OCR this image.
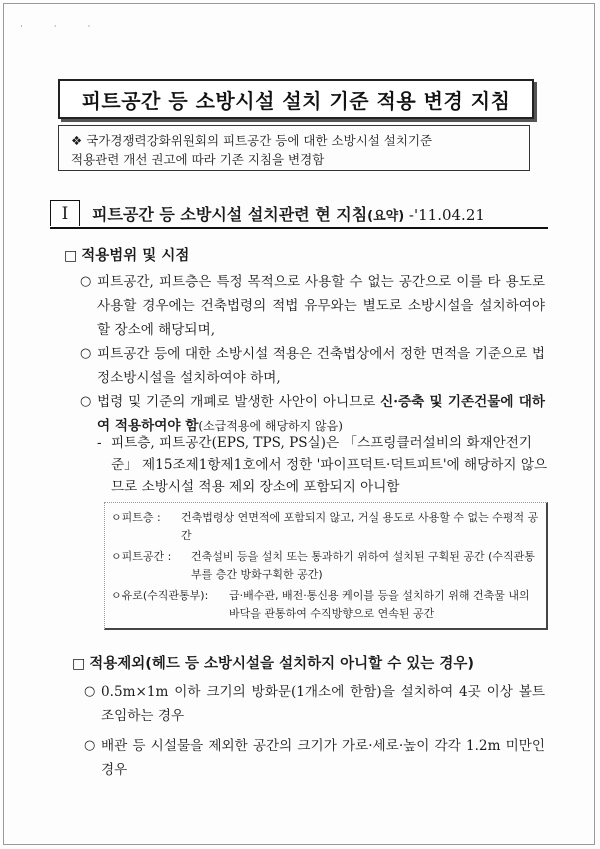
· · ·
피트공간 등 소방시설 설치 기준 적용 변경 지침
❖ 국가경쟁력강화위원회의 피트공간 등에 대한 소방시설 설치기준
적용관련 개선 권고에 따라 기존 지침을 변경함
Ⅰ	피트공간 등 소방시설 설치관련 현 지침(요약) -'11.04.21
□ 적용범위 및 시점
○ 피트공간, 피트층은 특정 목적으로 사용할 수 없는 공간으로 이를 타 용도로 사용할 경우에는 건축법령의 적법 유무와는 별도로 소방시설을 설치하여야 할 장소에 해당되며,
○ 피트공간 등에 대한 소방시설 적용은 건축법상에서 정한 면적을 기준으로 법정소방시설을 설치하여야 하며,
○ 법령 및 기준의 개폐로 발생한 사안이 아니므로 신·증축 및 기존건물에 대하여 적용하여야 함(소급적용에 해당하지 않음)
- 피트층, 피트공간(EPS, TPS, PS실)은 「스프링클러설비의 화재안전기준」 제15조제1항제1호에서 정한 '파이프덕트·덕트피트'에 해당하지 않으므로 소방시설 적용 제외 장소에 포함되지 아니함
ㅇ피트층 :	건축법령상 연면적에 포함되지 않고, 거실 용도로 사용할 수 없는 수평적 공간
ㅇ피트공간 :	건축설비 등을 설치 또는 통과하기 위하여 설치된 구획된 공간 (수직관통부를 층간 방화구획한 공간)
ㅇ유로(수직관통부):	급·배수관, 배전·통신용 케이블 등을 설치하기 위해 건축물 내의 바닥을 관통하여 수직방향으로 연속된 공간
□ 적용제외(헤드 등 소방시설을 설치하지 아니할 수 있는 경우)
○ 0.5m×1m 이하 크기의 방화문(1개소에 한함)을 설치하여 4곳 이상 볼트 조임하는 경우
○ 배관 등 시설물을 제외한 공간의 크기가 가로·세로·높이 각각 1.2m 미만인 경우
